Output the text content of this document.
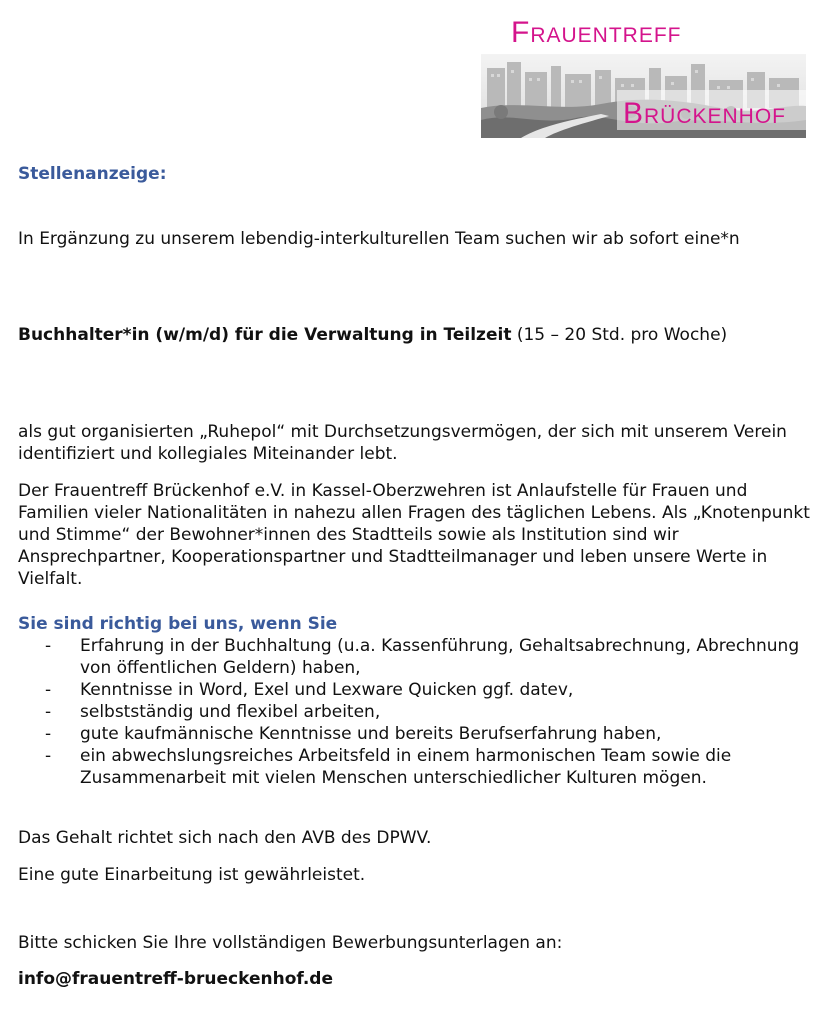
Frauentreff
Brückenhof

Stellenanzeige:

In Ergänzung zu unserem lebendig-interkulturellen Team suchen wir ab sofort eine*n

Buchhalter*in (w/m/d) für die Verwaltung in Teilzeit (15 – 20 Std. pro Woche)

als gut organisierten „Ruhepol“ mit Durchsetzungsvermögen, der sich mit unserem Verein identifiziert und kollegiales Miteinander lebt.

Der Frauentreff Brückenhof e.V. in Kassel-Oberzwehren ist Anlaufstelle für Frauen und Familien vieler Nationalitäten in nahezu allen Fragen des täglichen Lebens. Als „Knotenpunkt und Stimme“ der Bewohner*innen des Stadtteils sowie als Institution sind wir Ansprechpartner, Kooperationspartner und Stadtteilmanager und leben unsere Werte in Vielfalt.

Sie sind richtig bei uns, wenn Sie

- Erfahrung in der Buchhaltung (u.a. Kassenführung, Gehaltsabrechnung, Abrechnung von öffentlichen Geldern) haben,
- Kenntnisse in Word, Exel und Lexware Quicken ggf. datev,
- selbstständig und flexibel arbeiten,
- gute kaufmännische Kenntnisse und bereits Berufserfahrung haben,
- ein abwechslungsreiches Arbeitsfeld in einem harmonischen Team sowie die Zusammenarbeit mit vielen Menschen unterschiedlicher Kulturen mögen.

Das Gehalt richtet sich nach den AVB des DPWV.

Eine gute Einarbeitung ist gewährleistet.

Bitte schicken Sie Ihre vollständigen Bewerbungsunterlagen an:

info@frauentreff-brueckenhof.de
